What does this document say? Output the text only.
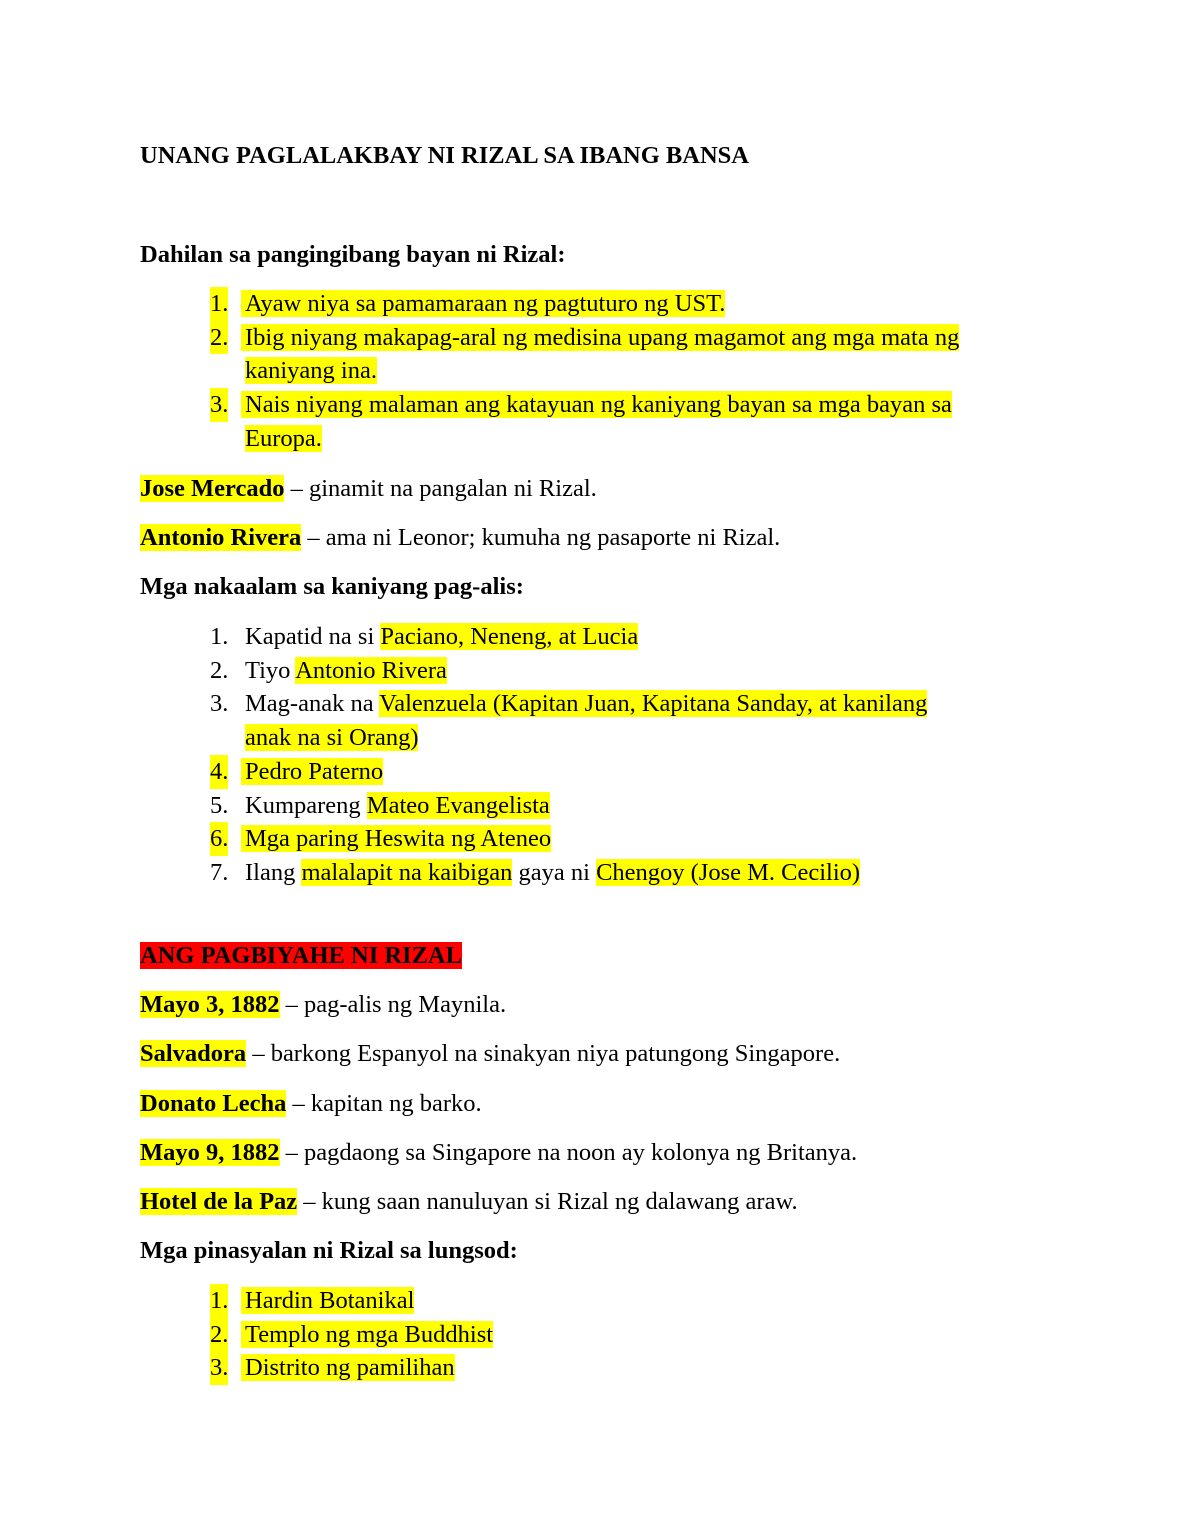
UNANG PAGLALAKBAY NI RIZAL SA IBANG BANSA
Dahilan sa pangingibang bayan ni Rizal:
1. Ayaw niya sa pamamaraan ng pagtuturo ng UST.
2. Ibig niyang makapag-aral ng medisina upang magamot ang mga mata ng
kaniyang ina.
3. Nais niyang malaman ang katayuan ng kaniyang bayan sa mga bayan sa
Europa.
Jose Mercado – ginamit na pangalan ni Rizal.
Antonio Rivera – ama ni Leonor; kumuha ng pasaporte ni Rizal.
Mga nakaalam sa kaniyang pag-alis:
1. Kapatid na si Paciano, Neneng, at Lucia
2. Tiyo Antonio Rivera
3. Mag-anak na Valenzuela (Kapitan Juan, Kapitana Sanday, at kanilang
anak na si Orang)
4. Pedro Paterno
5. Kumpareng Mateo Evangelista
6. Mga paring Heswita ng Ateneo
7. Ilang malalapit na kaibigan gaya ni Chengoy (Jose M. Cecilio)
ANG PAGBIYAHE NI RIZAL
Mayo 3, 1882 – pag-alis ng Maynila.
Salvadora – barkong Espanyol na sinakyan niya patungong Singapore.
Donato Lecha – kapitan ng barko.
Mayo 9, 1882 – pagdaong sa Singapore na noon ay kolonya ng Britanya.
Hotel de la Paz – kung saan nanuluyan si Rizal ng dalawang araw.
Mga pinasyalan ni Rizal sa lungsod:
1. Hardin Botanikal
2. Templo ng mga Buddhist
3. Distrito ng pamilihan
